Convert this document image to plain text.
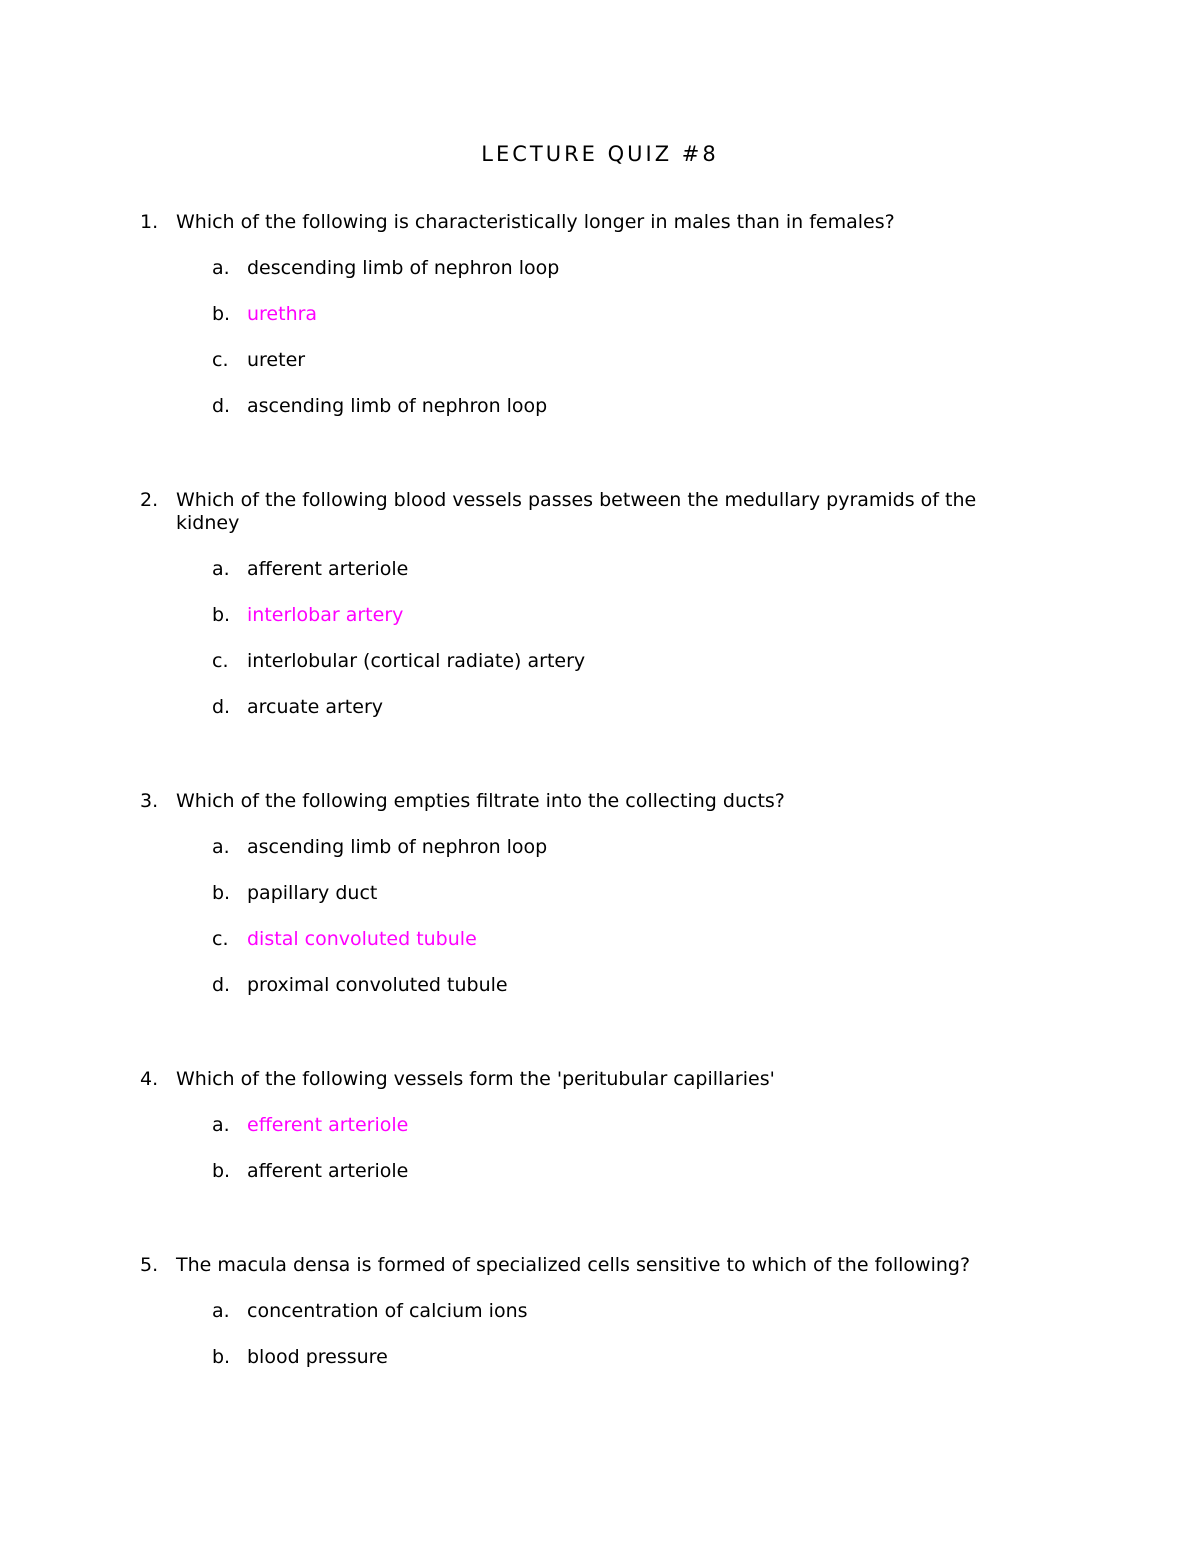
LECTURE QUIZ #8
1. Which of the following is characteristically longer in males than in females?
a. descending limb of nephron loop
b. urethra
c. ureter
d. ascending limb of nephron loop
2. Which of the following blood vessels passes between the medullary pyramids of the kidney
a. afferent arteriole
b. interlobar artery
c. interlobular (cortical radiate) artery
d. arcuate artery
3. Which of the following empties filtrate into the collecting ducts?
a. ascending limb of nephron loop
b. papillary duct
c. distal convoluted tubule
d. proximal convoluted tubule
4. Which of the following vessels form the 'peritubular capillaries'
a. efferent arteriole
b. afferent arteriole
5. The macula densa is formed of specialized cells sensitive to which of the following?
a. concentration of calcium ions
b. blood pressure
